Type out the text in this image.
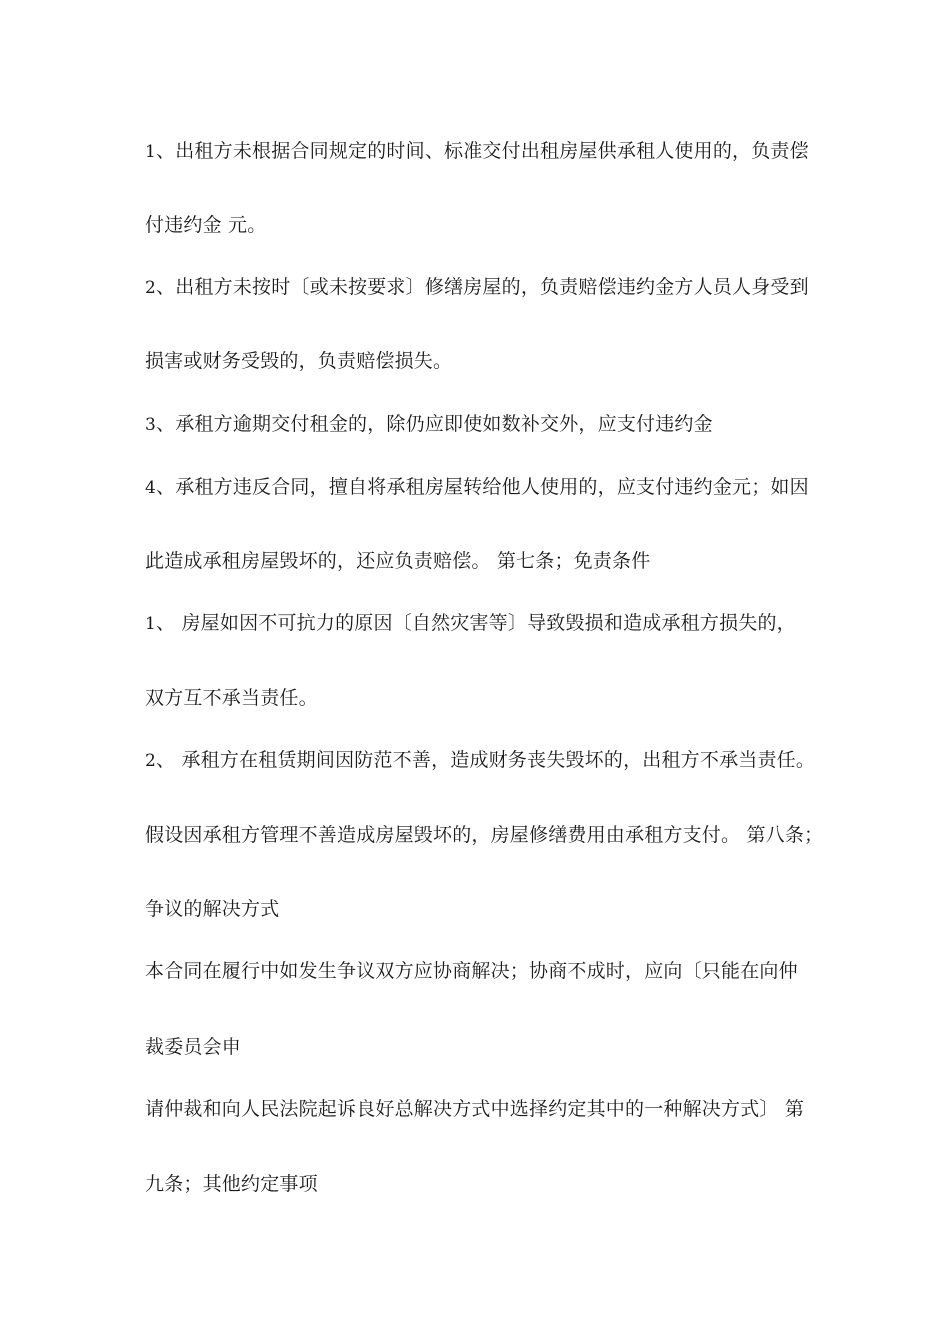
1、出租方未根据合同规定的时间、标准交付出租房屋供承租人使用的，负责偿
付违约金 元。
2、出租方未按时〔或未按要求〕修缮房屋的，负责赔偿违约金方人员人身受到
损害或财务受毁的，负责赔偿损失。
3、承租方逾期交付租金的，除仍应即使如数补交外，应支付违约金
4、承租方违反合同，擅自将承租房屋转给他人使用的，应支付违约金元；如因
此造成承租房屋毁坏的，还应负责赔偿。 第七条；免责条件
1、 房屋如因不可抗力的原因〔自然灾害等〕导致毁损和造成承租方损失的，
双方互不承当责任。
2、 承租方在租赁期间因防范不善，造成财务丧失毁坏的，出租方不承当责任。
假设因承租方管理不善造成房屋毁坏的，房屋修缮费用由承租方支付。 第八条；
争议的解决方式
本合同在履行中如发生争议双方应协商解决；协商不成时，应向〔只能在向仲
裁委员会申
请仲裁和向人民法院起诉良好总解决方式中选择约定其中的一种解决方式〕 第
九条；其他约定事项
